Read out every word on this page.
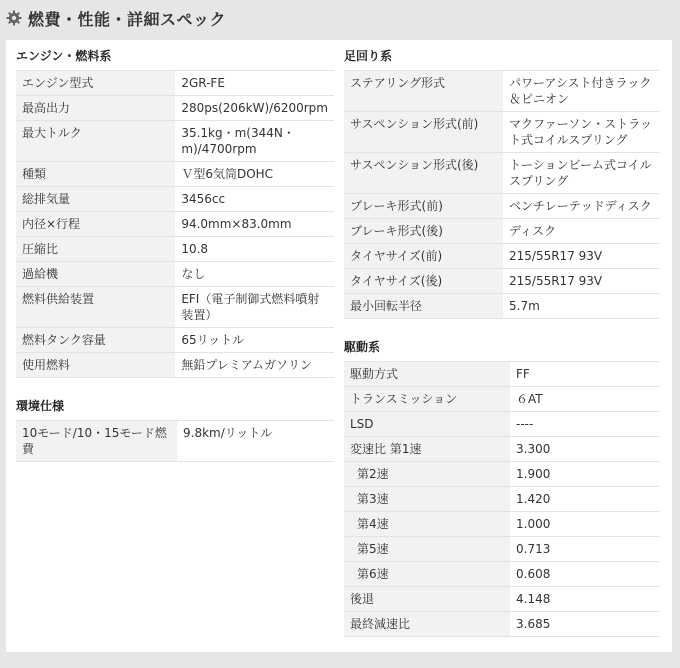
燃費・性能・詳細スペック
エンジン・燃料系
エンジン型式	2GR-FE
最高出力	280ps(206kW)/6200rpm
最大トルク	35.1kg・m(344N・m)/4700rpm
種類	Ｖ型6気筒DOHC
総排気量	3456cc
内径×行程	94.0mm×83.0mm
圧縮比	10.8
過給機	なし
燃料供給装置	EFI（電子制御式燃料噴射装置）
燃料タンク容量	65リットル
使用燃料	無鉛プレミアムガソリン
環境仕様
10モード/10・15モード燃費	9.8km/リットル
足回り系
ステアリング形式	パワーアシスト付きラック＆ピニオン
サスペンション形式(前)	マクファーソン・ストラット式コイルスプリング
サスペンション形式(後)	トーションビーム式コイルスプリング
ブレーキ形式(前)	ベンチレーテッドディスク
ブレーキ形式(後)	ディスク
タイヤサイズ(前)	215/55R17 93V
タイヤサイズ(後)	215/55R17 93V
最小回転半径	5.7m
駆動系
駆動方式	FF
トランスミッション	６AT
LSD	----
変速比 第1速	3.300
第2速	1.900
第3速	1.420
第4速	1.000
第5速	0.713
第6速	0.608
後退	4.148
最終減速比	3.685
